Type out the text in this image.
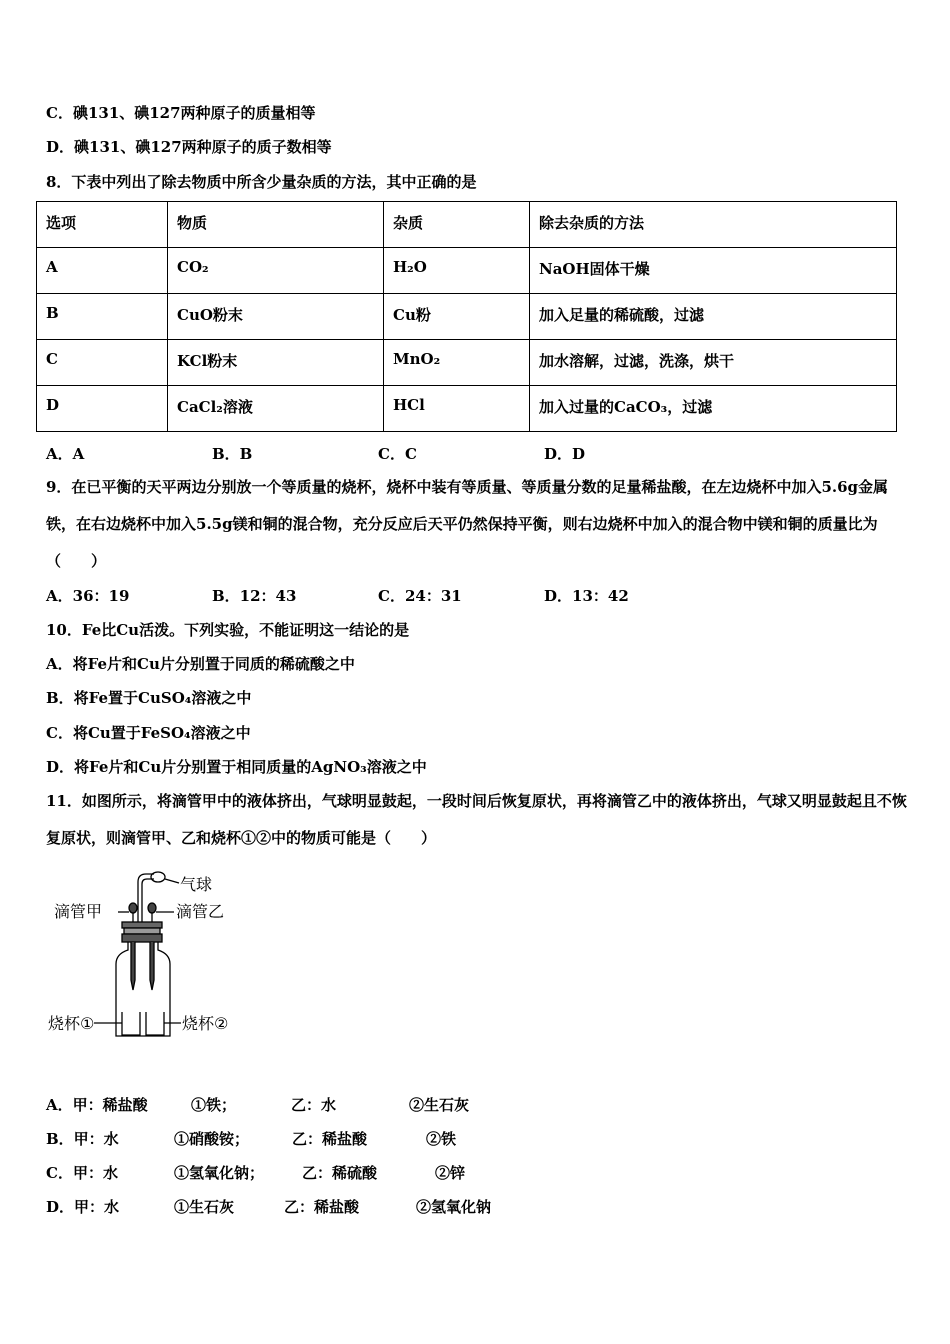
C．碘131、碘127两种原子的质量相等
D．碘131、碘127两种原子的质子数相等
8．下表中列出了除去物质中所含少量杂质的方法，其中正确的是
选项	物质	杂质	除去杂质的方法
A	CO₂	H₂O	NaOH固体干燥
B	CuO粉末	Cu粉	加入足量的稀硫酸，过滤
C	KCl粉末	MnO₂	加水溶解，过滤，洗涤，烘干
D	CaCl₂溶液	HCl	加入过量的CaCO₃，过滤
A．A	B．B	C．C	D．D
9．在已平衡的天平两边分别放一个等质量的烧杯，烧杯中装有等质量、等质量分数的足量稀盐酸，在左边烧杯中加入5.6g金属铁，在右边烧杯中加入5.5g镁和铜的混合物，充分反应后天平仍然保持平衡，则右边烧杯中加入的混合物中镁和铜的质量比为（　　）
A．36：19	B．12：43	C．24：31	D．13：42
10．Fe比Cu活泼。下列实验，不能证明这一结论的是
A．将Fe片和Cu片分别置于同质的稀硫酸之中
B．将Fe置于CuSO₄溶液之中
C．将Cu置于FeSO₄溶液之中
D．将Fe片和Cu片分别置于相同质量的AgNO₃溶液之中
11．如图所示，将滴管甲中的液体挤出，气球明显鼓起，一段时间后恢复原状，再将滴管乙中的液体挤出，气球又明显鼓起且不恢复原状，则滴管甲、乙和烧杯①②中的物质可能是（　　）
气球
滴管甲	滴管乙
烧杯①	烧杯②
A．甲：稀盐酸	①铁；	乙：水	②生石灰
B．甲：水	①硝酸铵；	乙：稀盐酸	②铁
C．甲：水	①氢氧化钠；	乙：稀硫酸	②锌
D．甲：水	①生石灰	乙：稀盐酸	②氢氧化钠
